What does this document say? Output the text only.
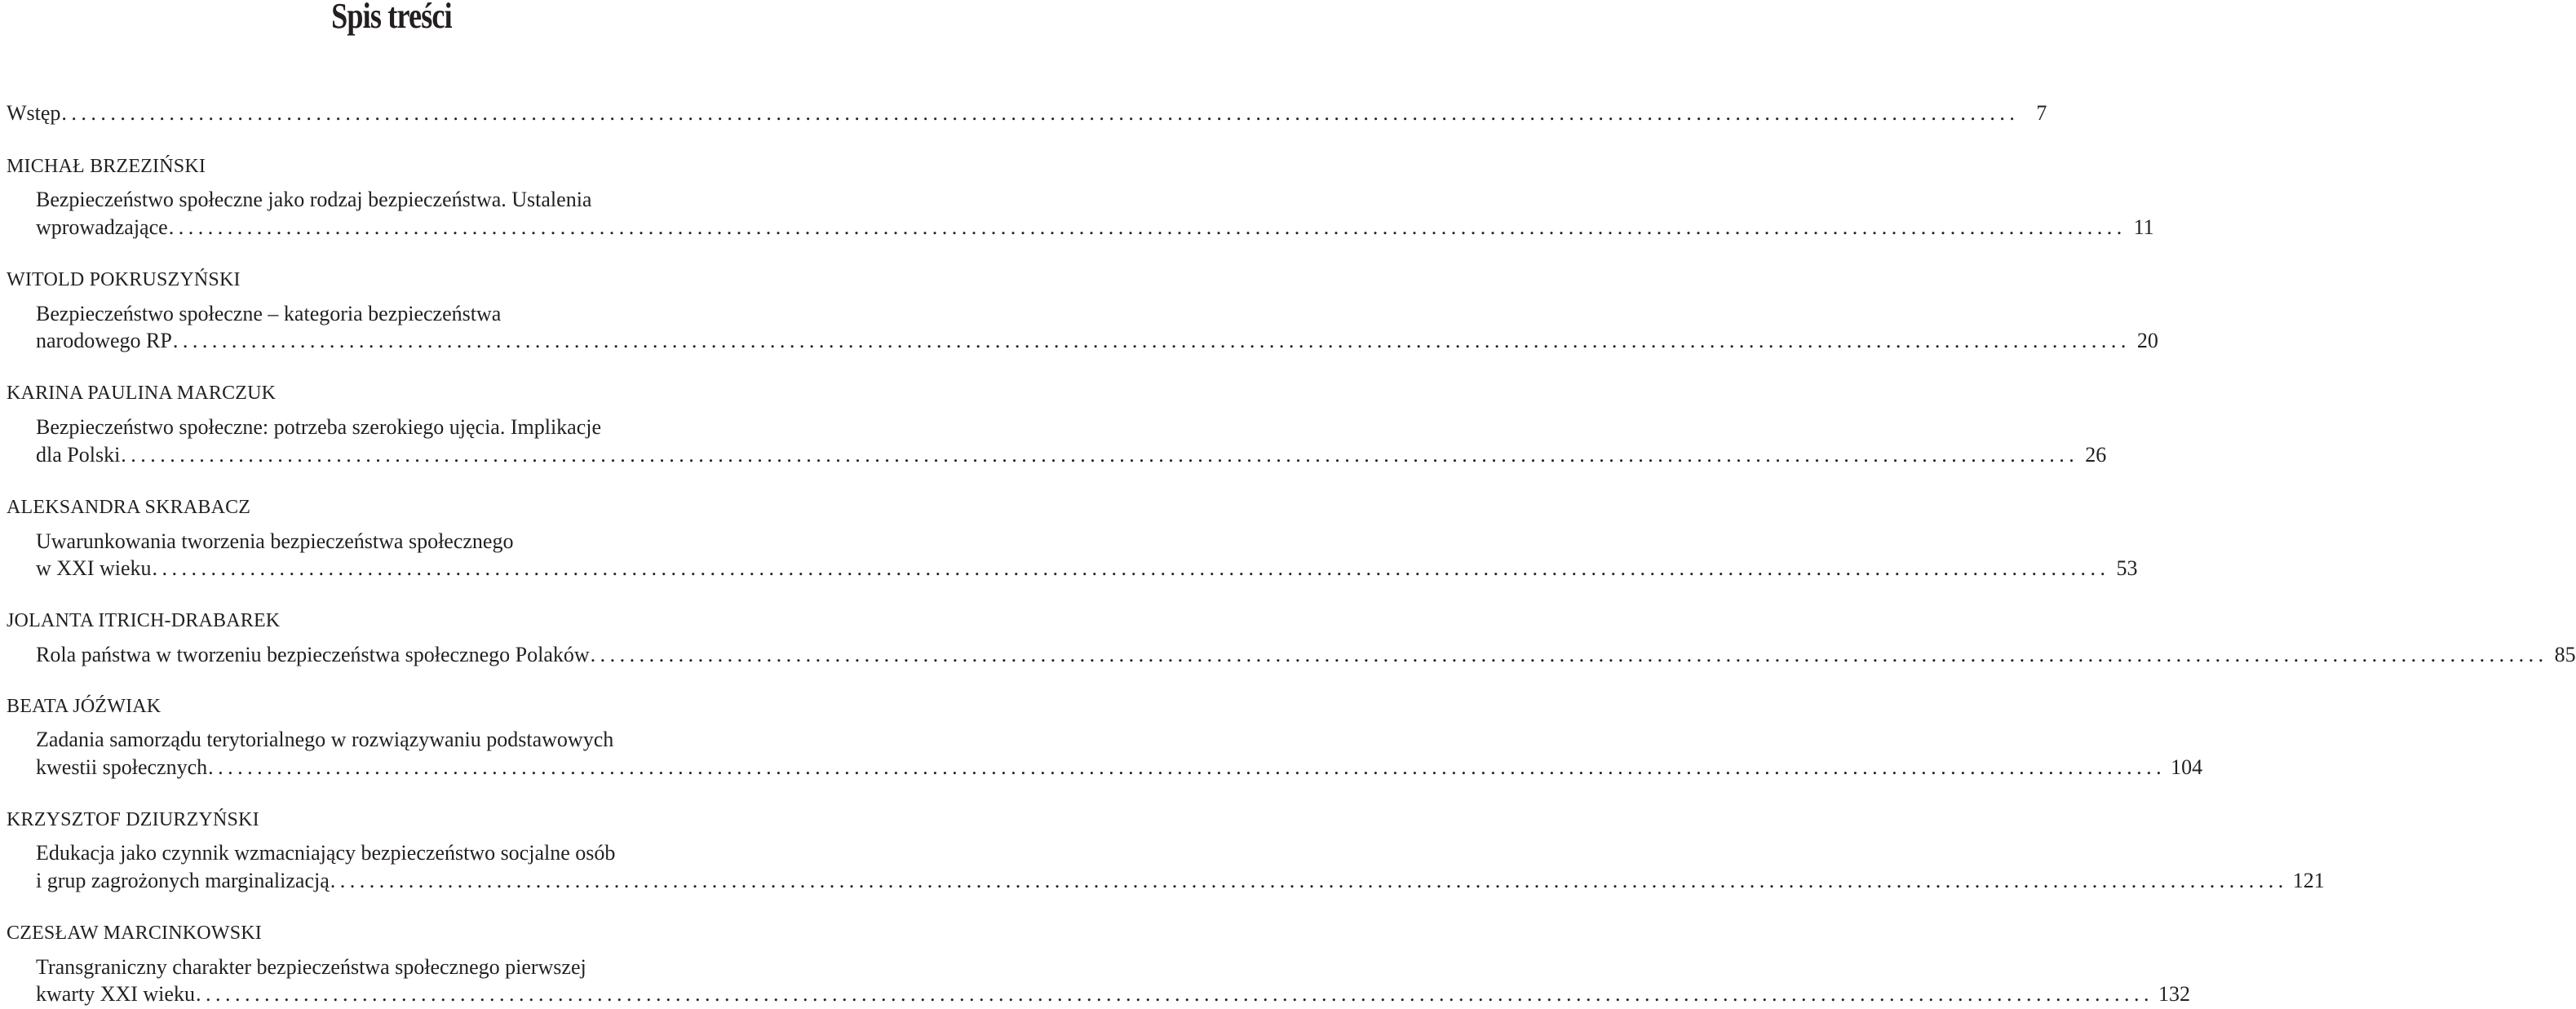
Spis treści
Wstęp ........................................................................................................................................................................................................ 7
MICHAŁ BRZEZIŃSKI
Bezpieczeństwo społeczne jako rodzaj bezpieczeństwa. Ustalenia
wprowadzające ........................................................................................................................................................................................................ 11
WITOLD POKRUSZYŃSKI
Bezpieczeństwo społeczne – kategoria bezpieczeństwa
narodowego RP ........................................................................................................................................................................................................ 20
KARINA PAULINA MARCZUK
Bezpieczeństwo społeczne: potrzeba szerokiego ujęcia. Implikacje
dla Polski ........................................................................................................................................................................................................ 26
ALEKSANDRA SKRABACZ
Uwarunkowania tworzenia bezpieczeństwa społecznego
w XXI wieku ........................................................................................................................................................................................................ 53
JOLANTA ITRICH-DRABAREK
Rola państwa w tworzeniu bezpieczeństwa społecznego Polaków ........................................................................................................................................................................................................ 85
BEATA JÓŹWIAK
Zadania samorządu terytorialnego w rozwiązywaniu podstawowych
kwestii społecznych ........................................................................................................................................................................................................ 104
KRZYSZTOF DZIURZYŃSKI
Edukacja jako czynnik wzmacniający bezpieczeństwo socjalne osób
i grup zagrożonych marginalizacją ........................................................................................................................................................................................................ 121
CZESŁAW MARCINKOWSKI
Transgraniczny charakter bezpieczeństwa społecznego pierwszej
kwarty XXI wieku ........................................................................................................................................................................................................ 132
